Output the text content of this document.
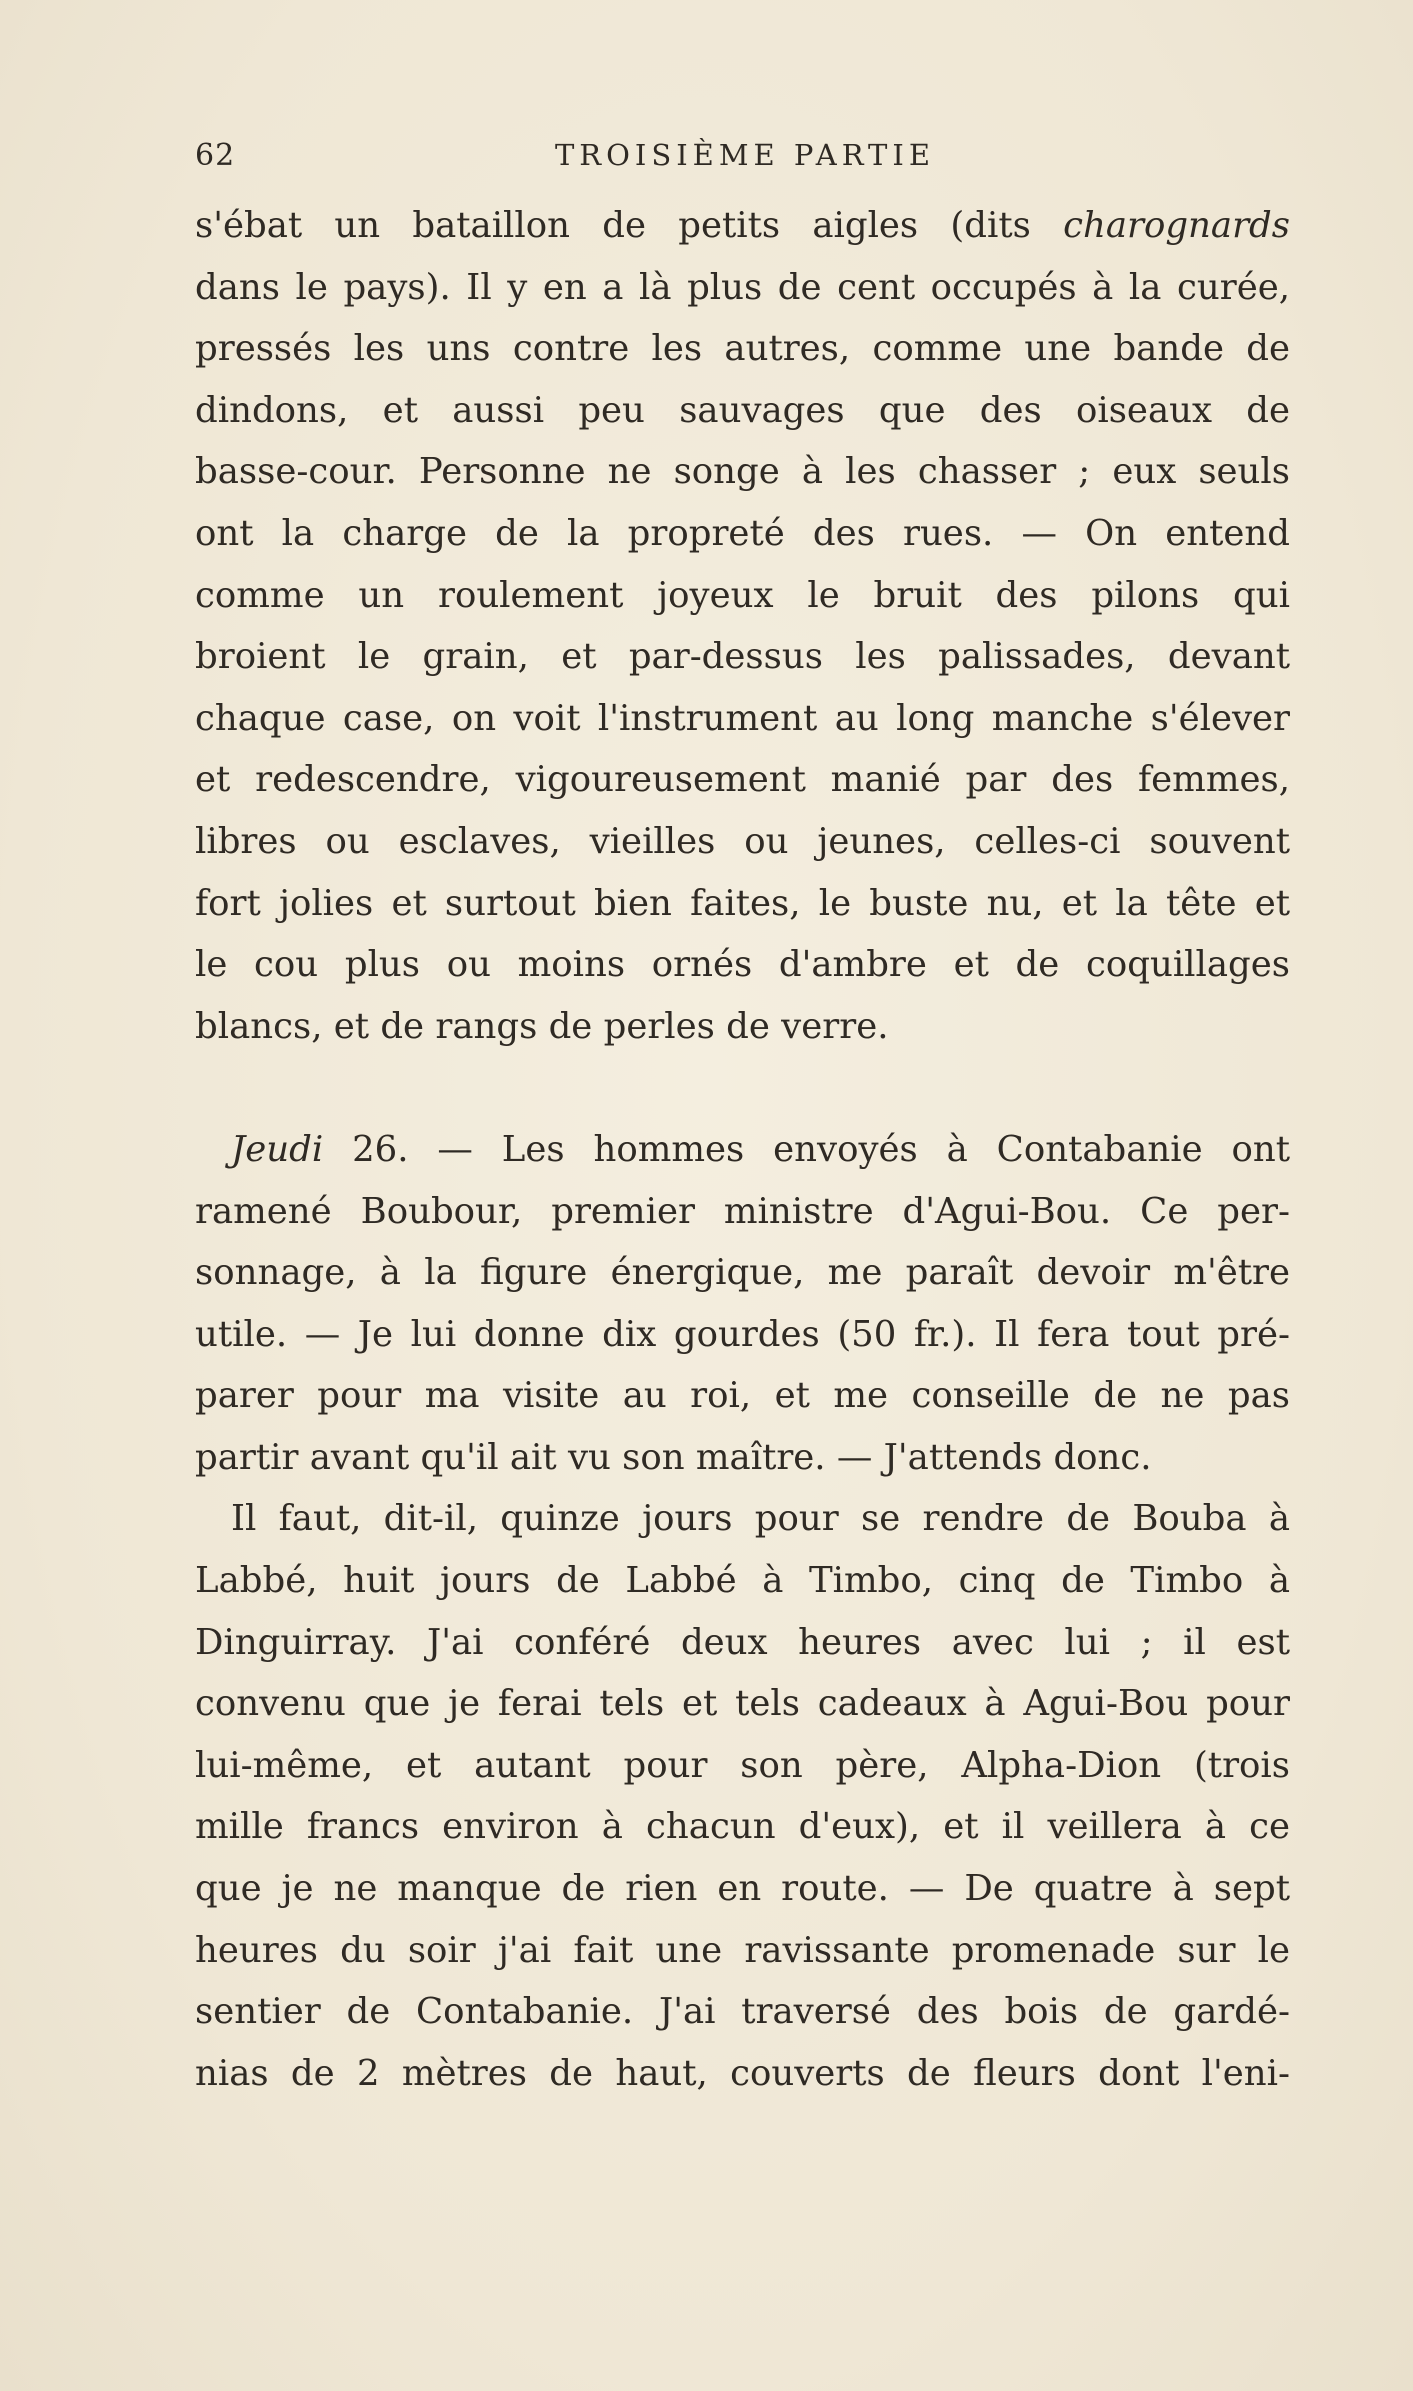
62	TROISIÈME PARTIE
s'ébat un bataillon de petits aigles (dits charognards
dans le pays). Il y en a là plus de cent occupés à la curée,
pressés les uns contre les autres, comme une bande de
dindons, et aussi peu sauvages que des oiseaux de
basse-cour. Personne ne songe à les chasser ; eux seuls
ont la charge de la propreté des rues. — On entend
comme un roulement joyeux le bruit des pilons qui
broient le grain, et par-dessus les palissades, devant
chaque case, on voit l'instrument au long manche s'élever
et redescendre, vigoureusement manié par des femmes,
libres ou esclaves, vieilles ou jeunes, celles-ci souvent
fort jolies et surtout bien faites, le buste nu, et la tête et
le cou plus ou moins ornés d'ambre et de coquillages
blancs, et de rangs de perles de verre.
Jeudi 26. — Les hommes envoyés à Contabanie ont
ramené Boubour, premier ministre d'Agui-Bou. Ce per-
sonnage, à la figure énergique, me paraît devoir m'être
utile. — Je lui donne dix gourdes (50 fr.). Il fera tout pré-
parer pour ma visite au roi, et me conseille de ne pas
partir avant qu'il ait vu son maître. — J'attends donc.
Il faut, dit-il, quinze jours pour se rendre de Bouba à
Labbé, huit jours de Labbé à Timbo, cinq de Timbo à
Dinguirray. J'ai conféré deux heures avec lui ; il est
convenu que je ferai tels et tels cadeaux à Agui-Bou pour
lui-même, et autant pour son père, Alpha-Dion (trois
mille francs environ à chacun d'eux), et il veillera à ce
que je ne manque de rien en route. — De quatre à sept
heures du soir j'ai fait une ravissante promenade sur le
sentier de Contabanie. J'ai traversé des bois de gardé-
nias de 2 mètres de haut, couverts de fleurs dont l'eni-
